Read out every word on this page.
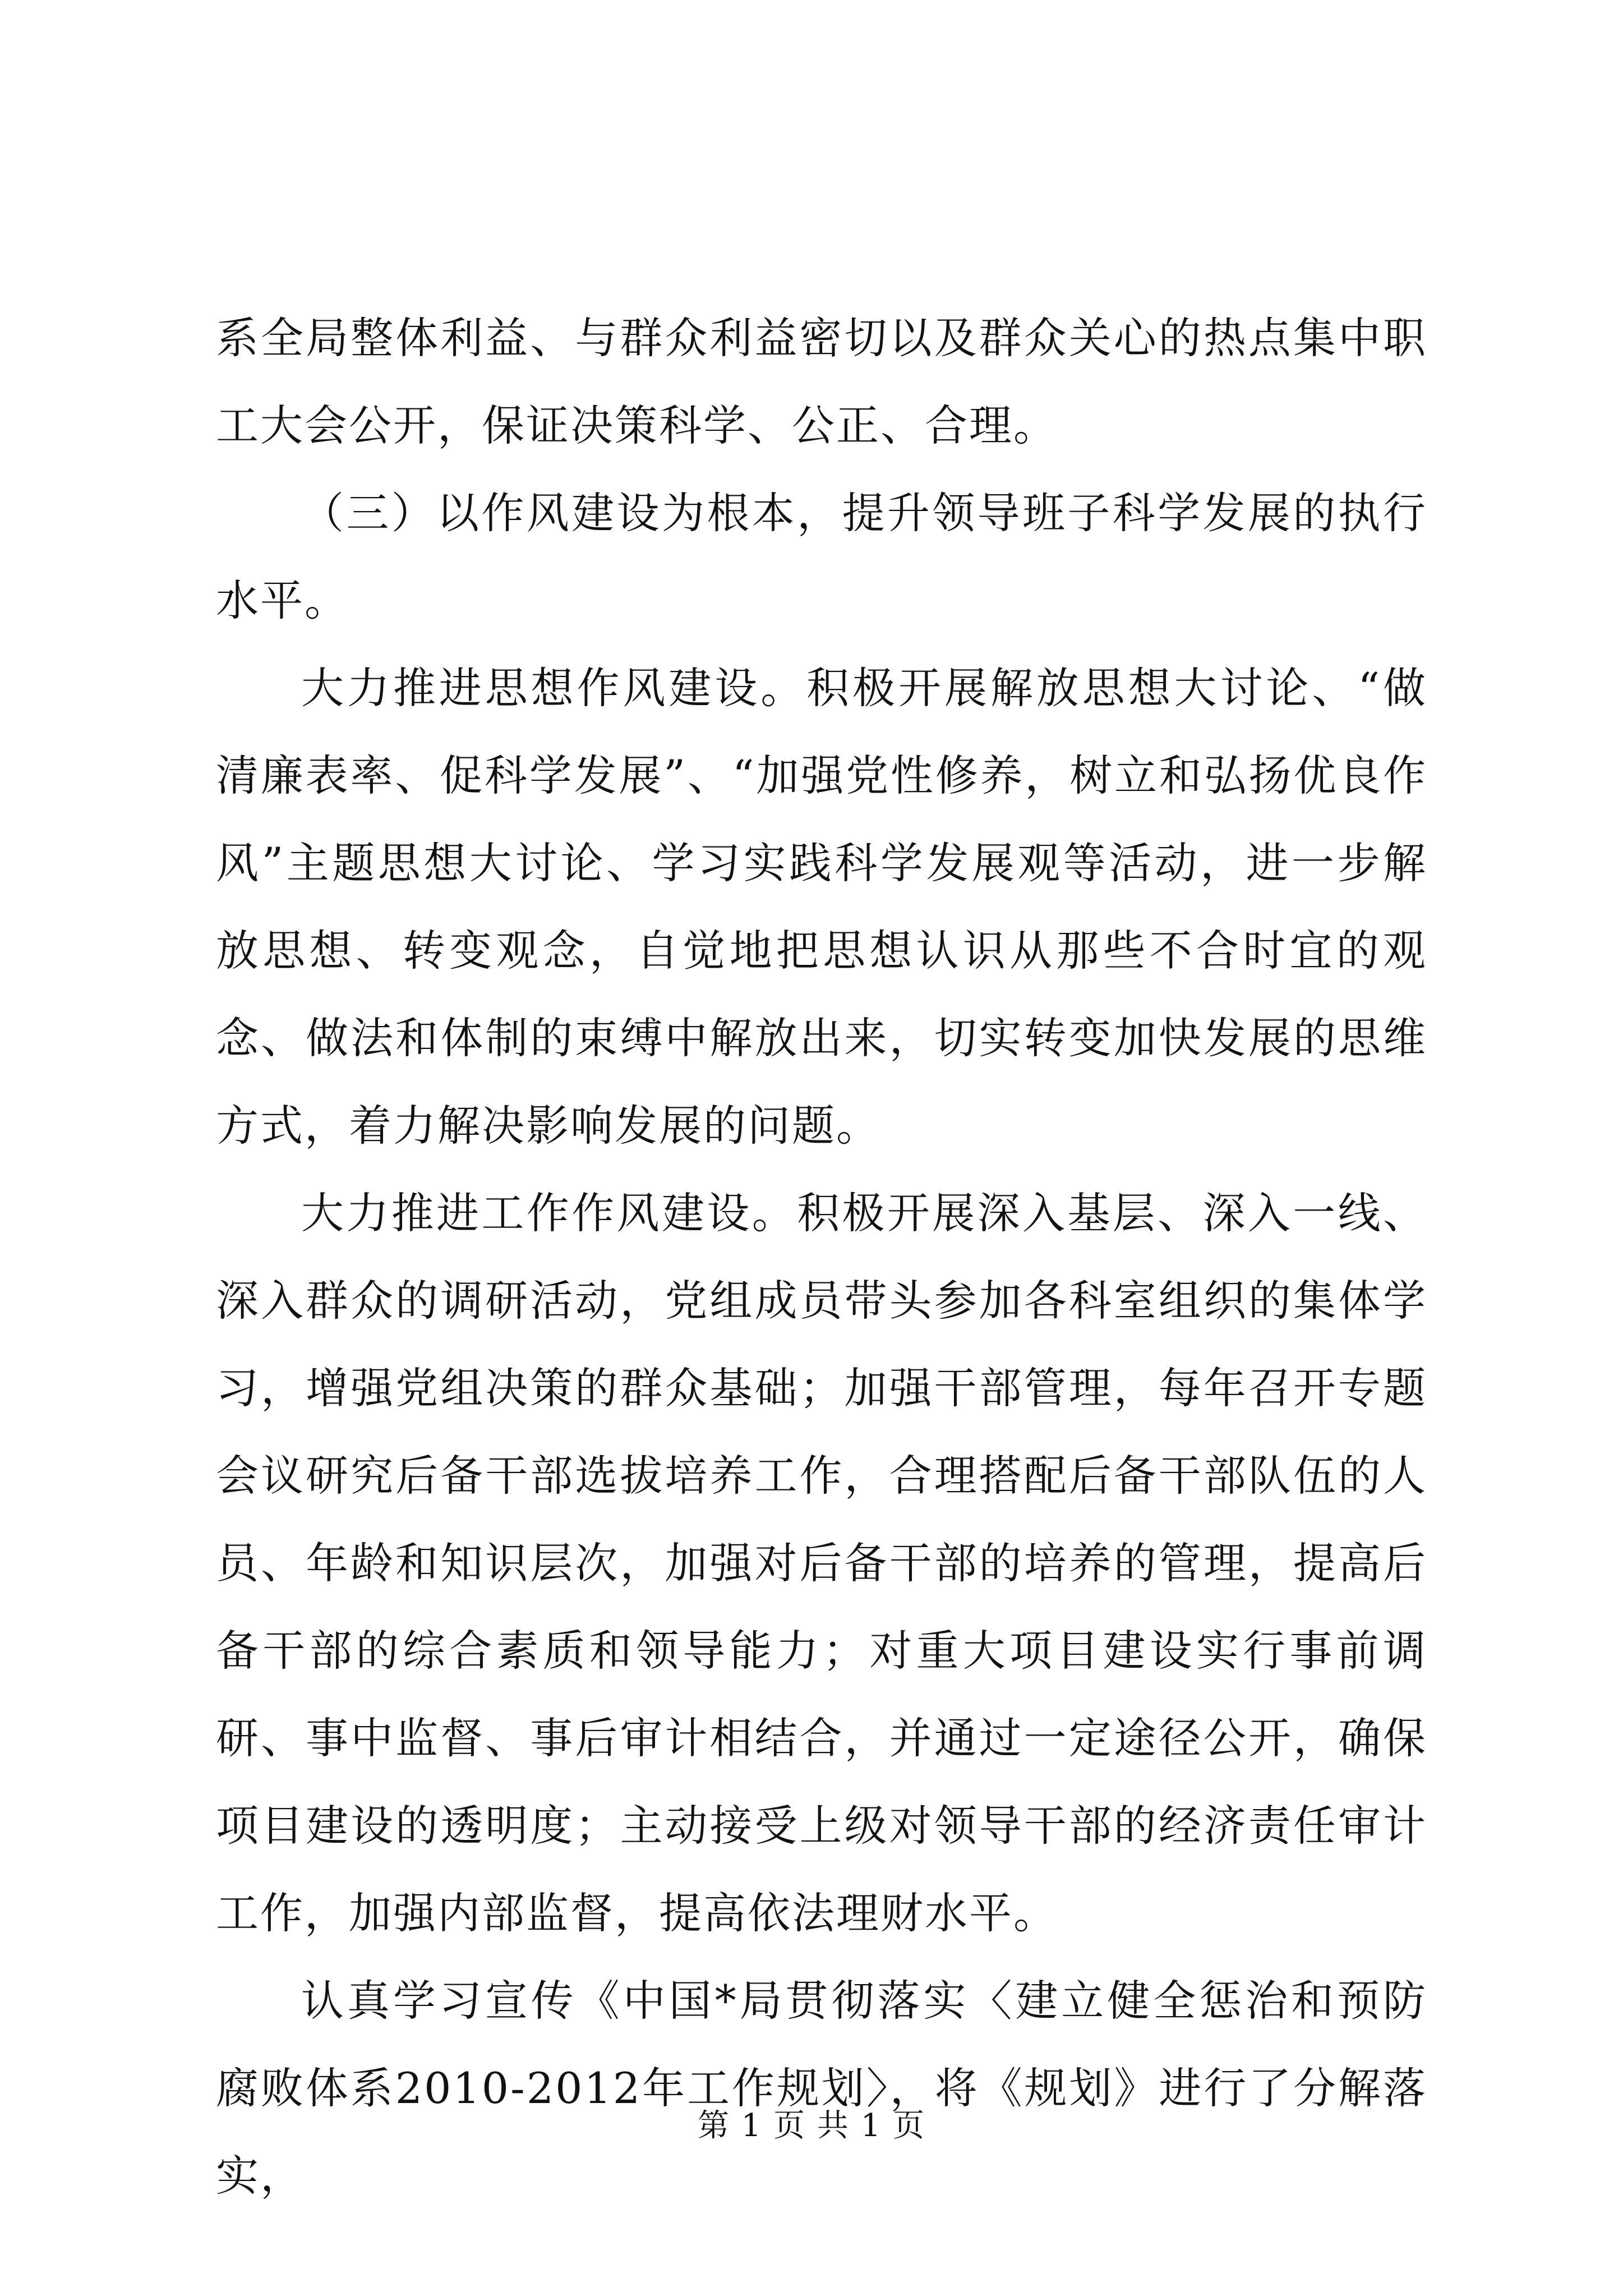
系全局整体利益、与群众利益密切以及群众关心的热点集中职工大会公开，保证决策科学、公正、合理。

（三）以作风建设为根本，提升领导班子科学发展的执行水平。

大力推进思想作风建设。积极开展解放思想大讨论、“做清廉表率、促科学发展”、“加强党性修养，树立和弘扬优良作风”主题思想大讨论、学习实践科学发展观等活动，进一步解放思想、转变观念，自觉地把思想认识从那些不合时宜的观念、做法和体制的束缚中解放出来，切实转变加快发展的思维方式，着力解决影响发展的问题。

大力推进工作作风建设。积极开展深入基层、深入一线、深入群众的调研活动，党组成员带头参加各科室组织的集体学习，增强党组决策的群众基础；加强干部管理，每年召开专题会议研究后备干部选拔培养工作，合理搭配后备干部队伍的人员、年龄和知识层次，加强对后备干部的培养的管理，提高后备干部的综合素质和领导能力；对重大项目建设实行事前调研、事中监督、事后审计相结合，并通过一定途径公开，确保项目建设的透明度；主动接受上级对领导干部的经济责任审计工作，加强内部监督，提高依法理财水平。

认真学习宣传《中国*局贯彻落实〈建立健全惩治和预防腐败体系2010-2012年工作规划〉，将《规划》进行了分解落实，

第 1 页 共 1 页
